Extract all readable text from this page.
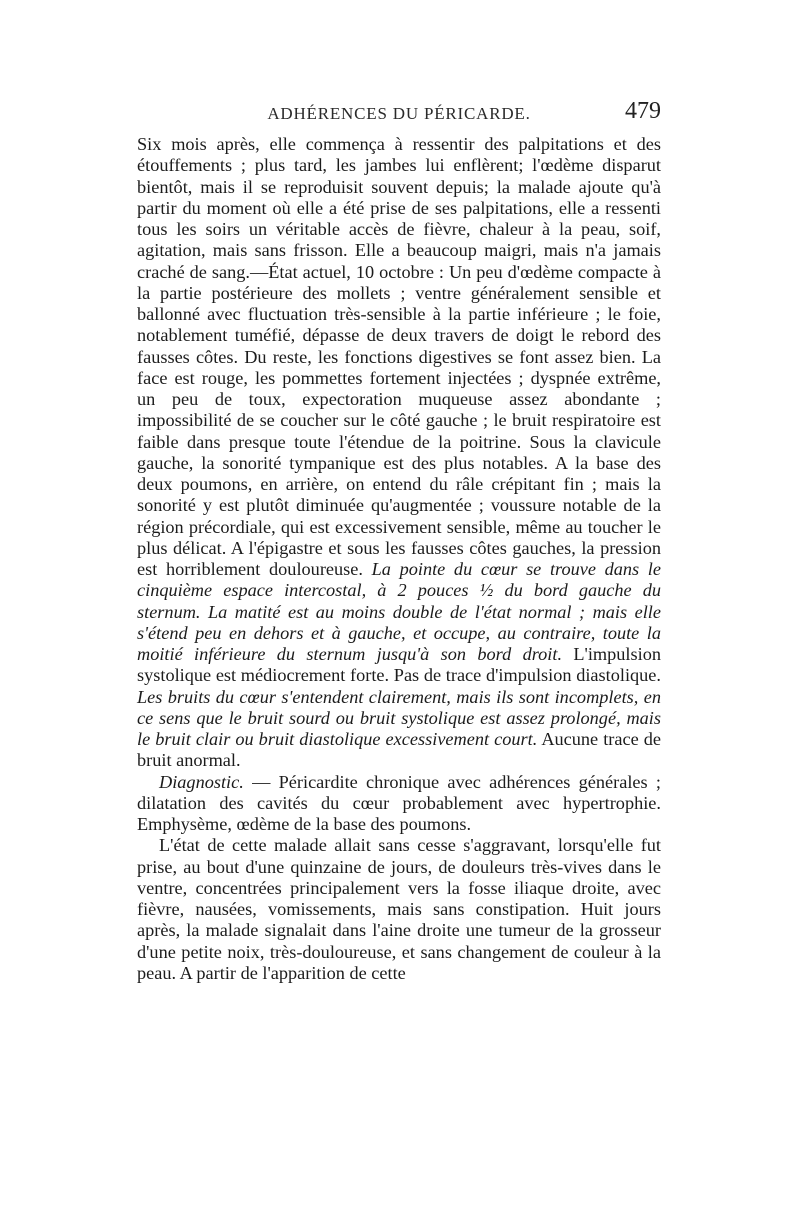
ADHÉRENCES DU PÉRICARDE.	479

Six mois après, elle commença à ressentir des palpitations et des étouffements ; plus tard, les jambes lui enflèrent; l'œdème disparut bientôt, mais il se reproduisit souvent depuis; la malade ajoute qu'à partir du moment où elle a été prise de ses palpitations, elle a ressenti tous les soirs un véritable accès de fièvre, chaleur à la peau, soif, agitation, mais sans frisson. Elle a beaucoup maigri, mais n'a jamais craché de sang.—État actuel, 10 octobre : Un peu d'œdème compacte à la partie postérieure des mollets ; ventre généralement sensible et ballonné avec fluctuation très-sensible à la partie inférieure ; le foie, notablement tuméfié, dépasse de deux travers de doigt le rebord des fausses côtes. Du reste, les fonctions digestives se font assez bien. La face est rouge, les pommettes fortement injectées ; dyspnée extrême, un peu de toux, expectoration muqueuse assez abondante ; impossibilité de se coucher sur le côté gauche ; le bruit respiratoire est faible dans presque toute l'étendue de la poitrine. Sous la clavicule gauche, la sonorité tympanique est des plus notables. A la base des deux poumons, en arrière, on entend du râle crépitant fin ; mais la sonorité y est plutôt diminuée qu'augmentée ; voussure notable de la région précordiale, qui est excessivement sensible, même au toucher le plus délicat. A l'épigastre et sous les fausses côtes gauches, la pression est horriblement douloureuse. La pointe du cœur se trouve dans le cinquième espace intercostal, à 2 pouces ½ du bord gauche du sternum. La matité est au moins double de l'état normal ; mais elle s'étend peu en dehors et à gauche, et occupe, au contraire, toute la moitié inférieure du sternum jusqu'à son bord droit. L'impulsion systolique est médiocrement forte. Pas de trace d'impulsion diastolique. Les bruits du cœur s'entendent clairement, mais ils sont incomplets, en ce sens que le bruit sourd ou bruit systolique est assez prolongé, mais le bruit clair ou bruit diastolique excessivement court. Aucune trace de bruit anormal.

Diagnostic. — Péricardite chronique avec adhérences générales ; dilatation des cavités du cœur probablement avec hypertrophie. Emphysème, œdème de la base des poumons.

L'état de cette malade allait sans cesse s'aggravant, lorsqu'elle fut prise, au bout d'une quinzaine de jours, de douleurs très-vives dans le ventre, concentrées principalement vers la fosse iliaque droite, avec fièvre, nausées, vomissements, mais sans constipation. Huit jours après, la malade signalait dans l'aine droite une tumeur de la grosseur d'une petite noix, très-douloureuse, et sans changement de couleur à la peau. A partir de l'apparition de cette
